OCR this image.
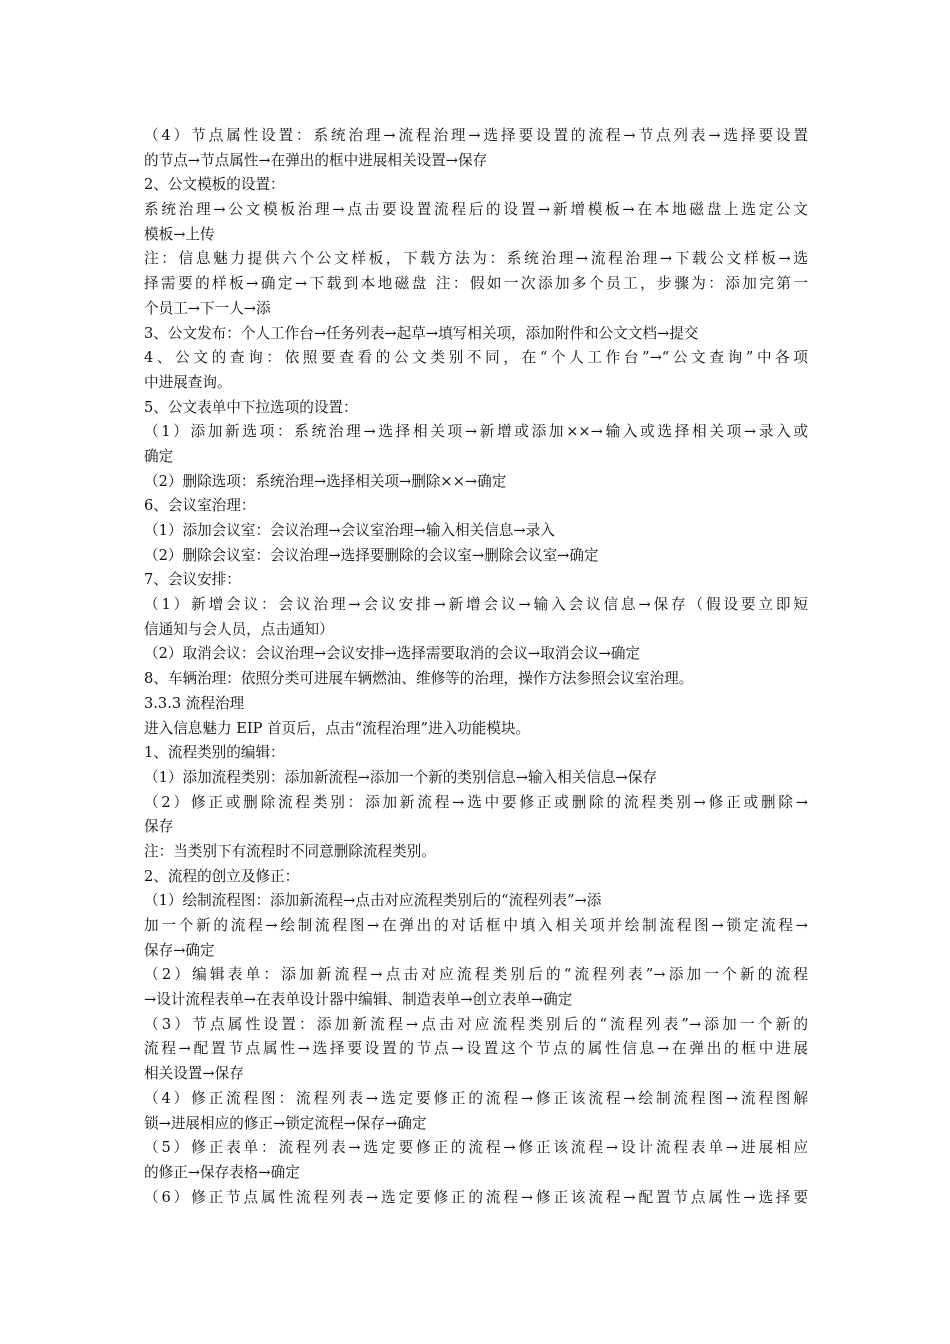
（4）节点属性设置：系统治理→流程治理→选择要设置的流程→节点列表→选择要设置
的节点→节点属性→在弹出的框中进展相关设置→保存
2、公文模板的设置：
系统治理→公文模板治理→点击要设置流程后的设置→新增模板→在本地磁盘上选定公文
模板→上传
注：信息魅力提供六个公文样板，下载方法为：系统治理→流程治理→下载公文样板→选
择需要的样板→确定→下载到本地磁盘 注：假如一次添加多个员工，步骤为：添加完第一
个员工→下一人→添
3、公文发布：个人工作台→任务列表→起草→填写相关项，添加附件和公文文档→提交
4、公文的查询：依照要查看的公文类别不同，在“个人工作台”→“公文查询”中各项
中进展查询。
5、公文表单中下拉选项的设置：
（1）添加新选项：系统治理→选择相关项→新增或添加××→输入或选择相关项→录入或
确定
（2）删除选项：系统治理→选择相关项→删除××→确定
6、会议室治理：
（1）添加会议室：会议治理→会议室治理→输入相关信息→录入
（2）删除会议室：会议治理→选择要删除的会议室→删除会议室→确定
7、会议安排：
（1）新增会议：会议治理→会议安排→新增会议→输入会议信息→保存（假设要立即短
信通知与会人员，点击通知）
（2）取消会议：会议治理→会议安排→选择需要取消的会议→取消会议→确定
8、车辆治理：依照分类可进展车辆燃油、维修等的治理，操作方法参照会议室治理。
3.3.3 流程治理
进入信息魅力 EIP 首页后，点击“流程治理”进入功能模块。
1、流程类别的编辑：
（1）添加流程类别：添加新流程→添加一个新的类别信息→输入相关信息→保存
（2）修正或删除流程类别：添加新流程→选中要修正或删除的流程类别→修正或删除→
保存
注：当类别下有流程时不同意删除流程类别。
2、流程的创立及修正：
（1）绘制流程图：添加新流程→点击对应流程类别后的“流程列表”→添
加一个新的流程→绘制流程图→在弹出的对话框中填入相关项并绘制流程图→锁定流程→
保存→确定
（2）编辑表单：添加新流程→点击对应流程类别后的“流程列表”→添加一个新的流程
→设计流程表单→在表单设计器中编辑、制造表单→创立表单→确定
（3）节点属性设置：添加新流程→点击对应流程类别后的“流程列表”→添加一个新的
流程→配置节点属性→选择要设置的节点→设置这个节点的属性信息→在弹出的框中进展
相关设置→保存
（4）修正流程图：流程列表→选定要修正的流程→修正该流程→绘制流程图→流程图解
锁→进展相应的修正→锁定流程→保存→确定
（5）修正表单：流程列表→选定要修正的流程→修正该流程→设计流程表单→进展相应
的修正→保存表格→确定
（6）修正节点属性流程列表→选定要修正的流程→修正该流程→配置节点属性→选择要
